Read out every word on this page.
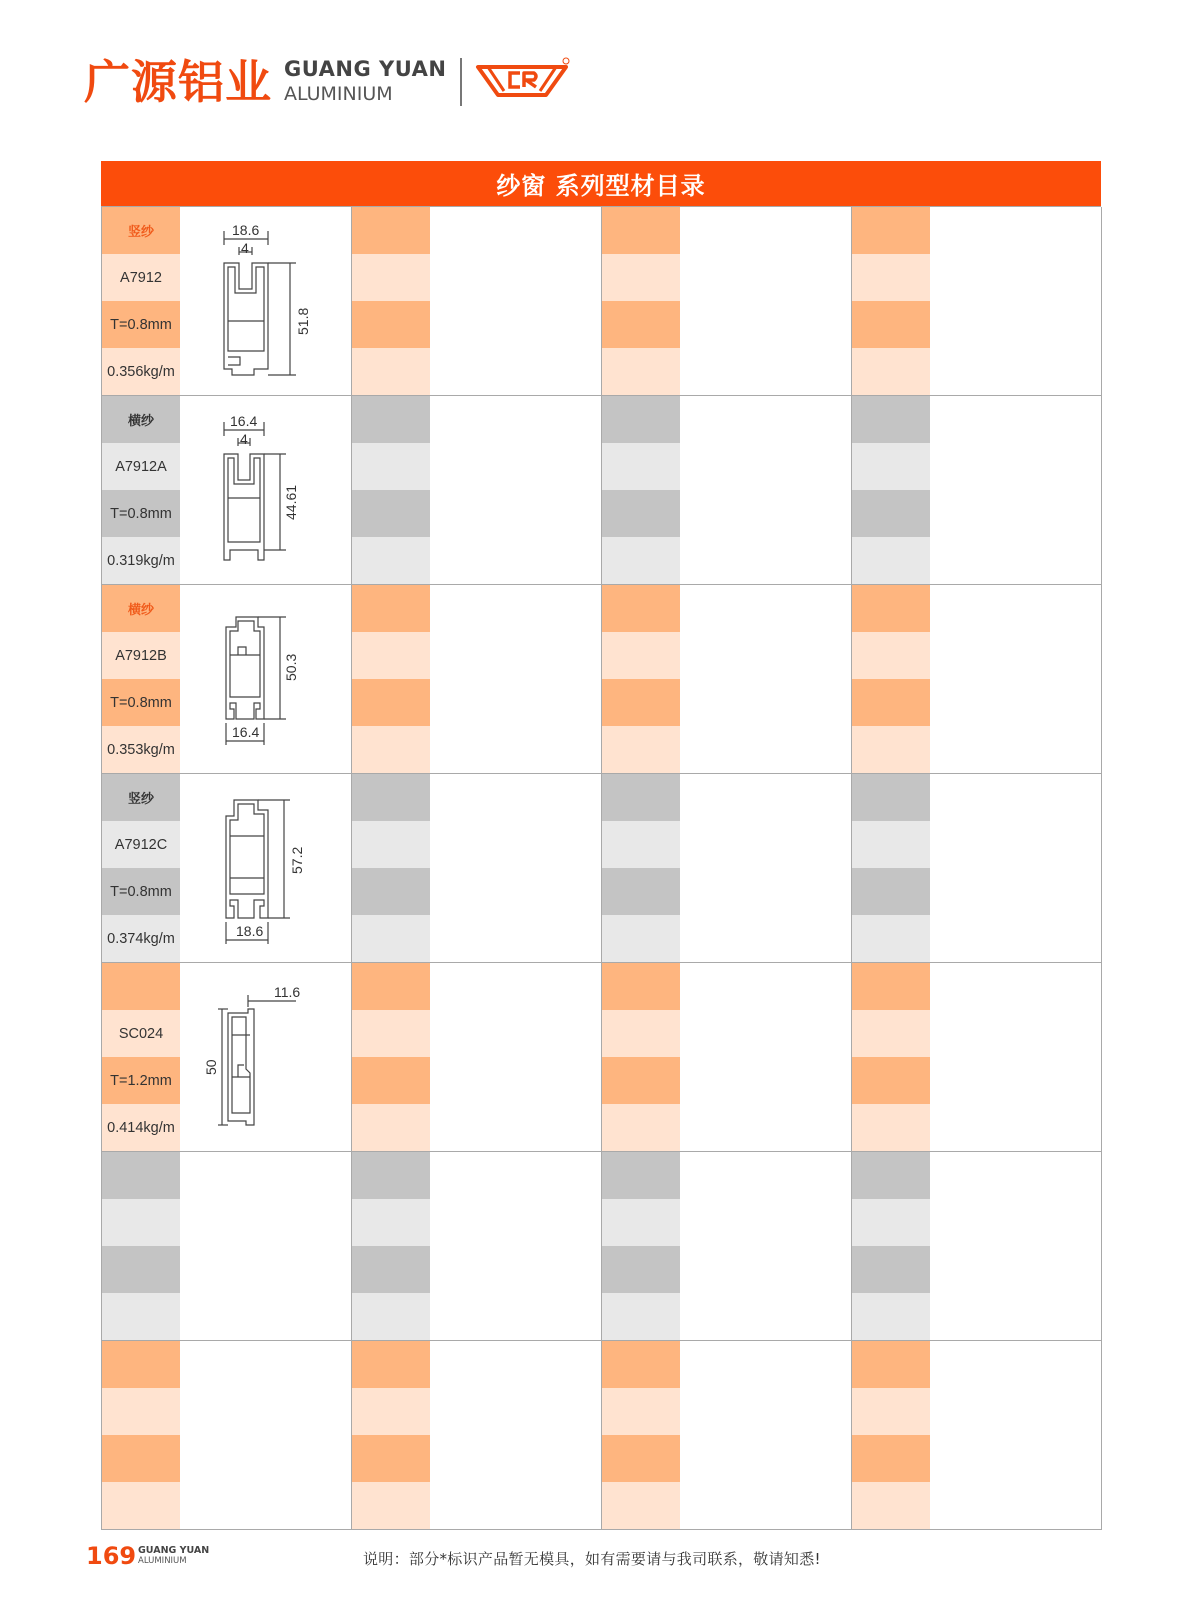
广源铝业 GUANG YUAN
ALUMINIUM
纱窗 系列型材目录
竖纱
A7912
T=0.8mm
0.356kg/m
18.6
4
51.8
横纱
A7912A
T=0.8mm
0.319kg/m
16.4
4
44.61
横纱
A7912B
T=0.8mm
0.353kg/m
50.3
16.4
竖纱
A7912C
T=0.8mm
0.374kg/m
57.2
18.6
SC024
T=1.2mm
0.414kg/m
11.6
50
169 GUANG YUAN
ALUMINIUM	说明：部分*标识产品暂无模具，如有需要请与我司联系，敬请知悉!
